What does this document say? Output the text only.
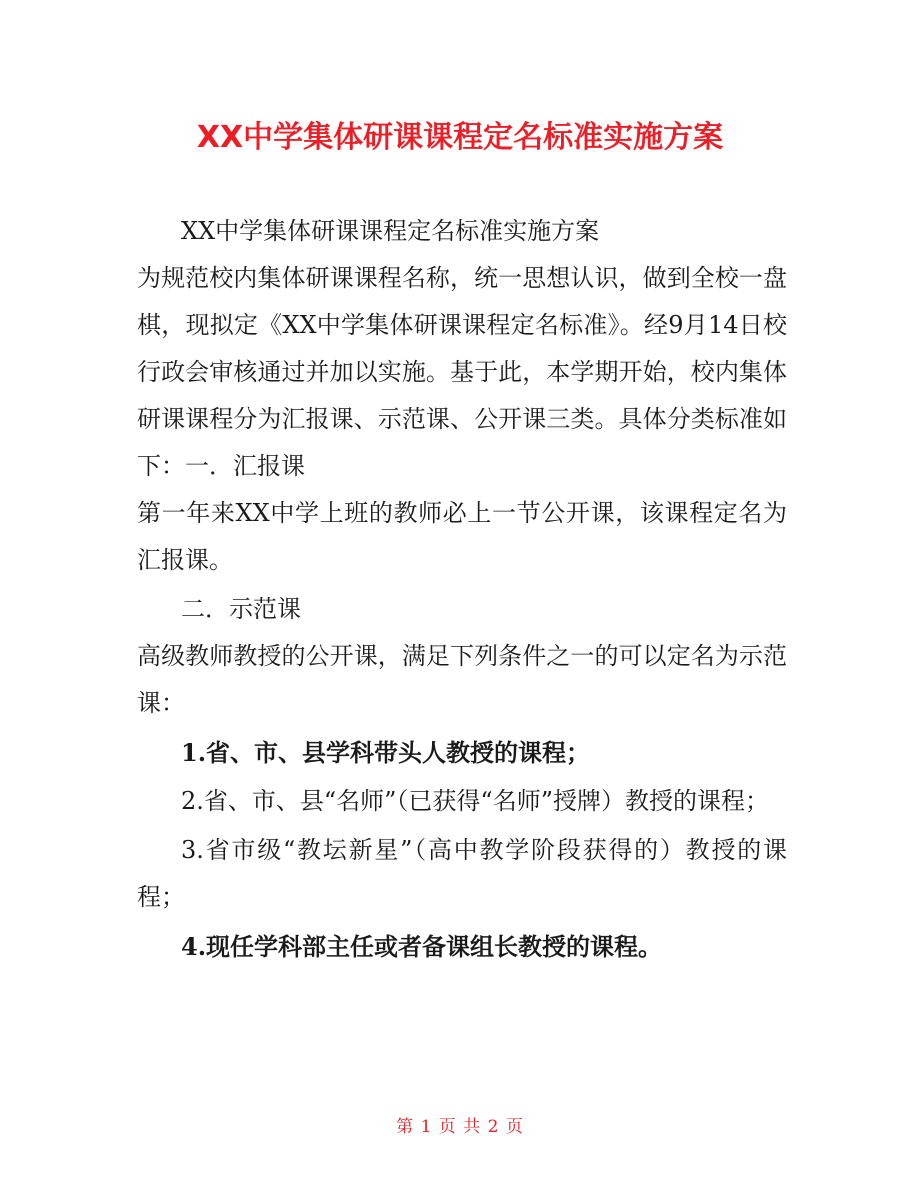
XX中学集体研课课程定名标准实施方案

XX中学集体研课课程定名标准实施方案

为规范校内集体研课课程名称，统一思想认识，做到全校一盘棋，现拟定《XX中学集体研课课程定名标准》。经9月14日校行政会审核通过并加以实施。基于此，本学期开始，校内集体研课课程分为汇报课、示范课、公开课三类。具体分类标准如下：一．汇报课

第一年来XX中学上班的教师必上一节公开课，该课程定名为汇报课。

二．示范课

高级教师教授的公开课，满足下列条件之一的可以定名为示范课：

1.省、市、县学科带头人教授的课程；

2.省、市、县“名师”（已获得“名师”授牌）教授的课程；

3.省市级“教坛新星”（高中教学阶段获得的）教授的课程；

4.现任学科部主任或者备课组长教授的课程。

第 1 页 共 2 页
